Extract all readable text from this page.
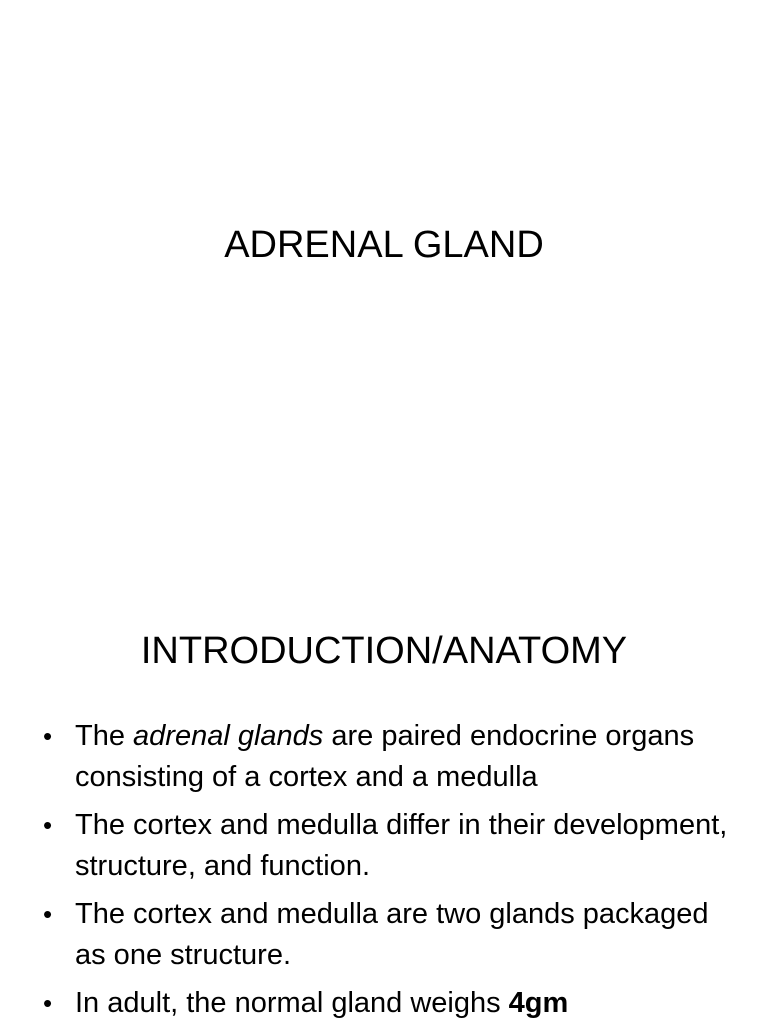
ADRENAL GLAND
INTRODUCTION/ANATOMY
• The adrenal glands are paired endocrine organs consisting of a cortex and a medulla
• The cortex and medulla differ in their development, structure, and function.
• The cortex and medulla are two glands packaged as one structure.
• In adult, the normal gland weighs 4gm
